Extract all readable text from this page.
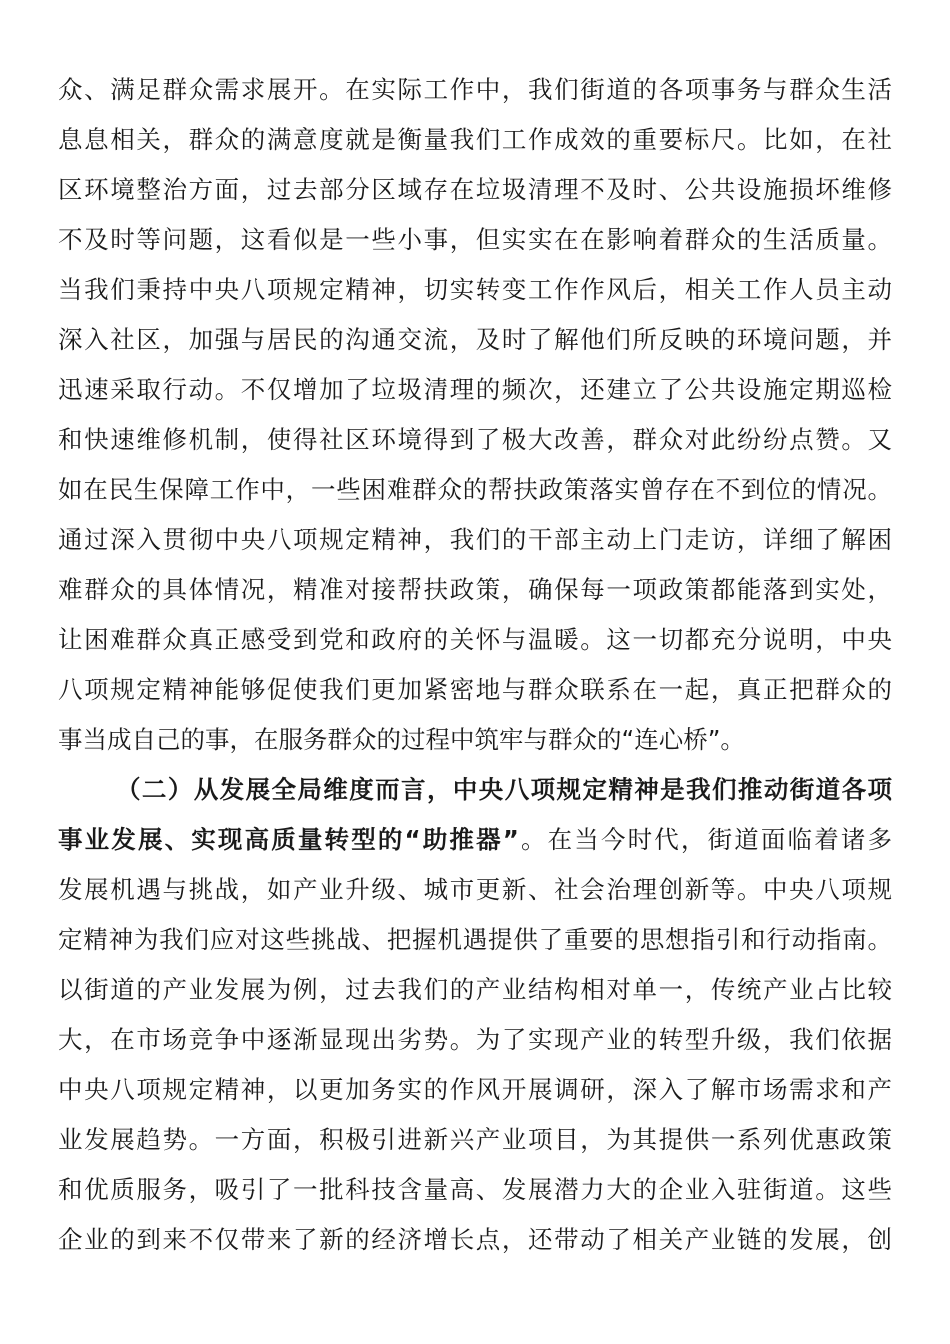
众、满足群众需求展开。在实际工作中，我们街道的各项事务与群众生活
息息相关，群众的满意度就是衡量我们工作成效的重要标尺。比如，在社
区环境整治方面，过去部分区域存在垃圾清理不及时、公共设施损坏维修
不及时等问题，这看似是一些小事，但实实在在影响着群众的生活质量。
当我们秉持中央八项规定精神，切实转变工作作风后，相关工作人员主动
深入社区，加强与居民的沟通交流，及时了解他们所反映的环境问题，并
迅速采取行动。不仅增加了垃圾清理的频次，还建立了公共设施定期巡检
和快速维修机制，使得社区环境得到了极大改善，群众对此纷纷点赞。又
如在民生保障工作中，一些困难群众的帮扶政策落实曾存在不到位的情况。
通过深入贯彻中央八项规定精神，我们的干部主动上门走访，详细了解困
难群众的具体情况，精准对接帮扶政策，确保每一项政策都能落到实处，
让困难群众真正感受到党和政府的关怀与温暖。这一切都充分说明，中央
八项规定精神能够促使我们更加紧密地与群众联系在一起，真正把群众的
事当成自己的事，在服务群众的过程中筑牢与群众的“连心桥”。
（二）从发展全局维度而言，中央八项规定精神是我们推动街道各项
事业发展、实现高质量转型的“助推器”。在当今时代，街道面临着诸多
发展机遇与挑战，如产业升级、城市更新、社会治理创新等。中央八项规
定精神为我们应对这些挑战、把握机遇提供了重要的思想指引和行动指南。
以街道的产业发展为例，过去我们的产业结构相对单一，传统产业占比较
大，在市场竞争中逐渐显现出劣势。为了实现产业的转型升级，我们依据
中央八项规定精神，以更加务实的作风开展调研，深入了解市场需求和产
业发展趋势。一方面，积极引进新兴产业项目，为其提供一系列优惠政策
和优质服务，吸引了一批科技含量高、发展潜力大的企业入驻街道。这些
企业的到来不仅带来了新的经济增长点，还带动了相关产业链的发展，创
